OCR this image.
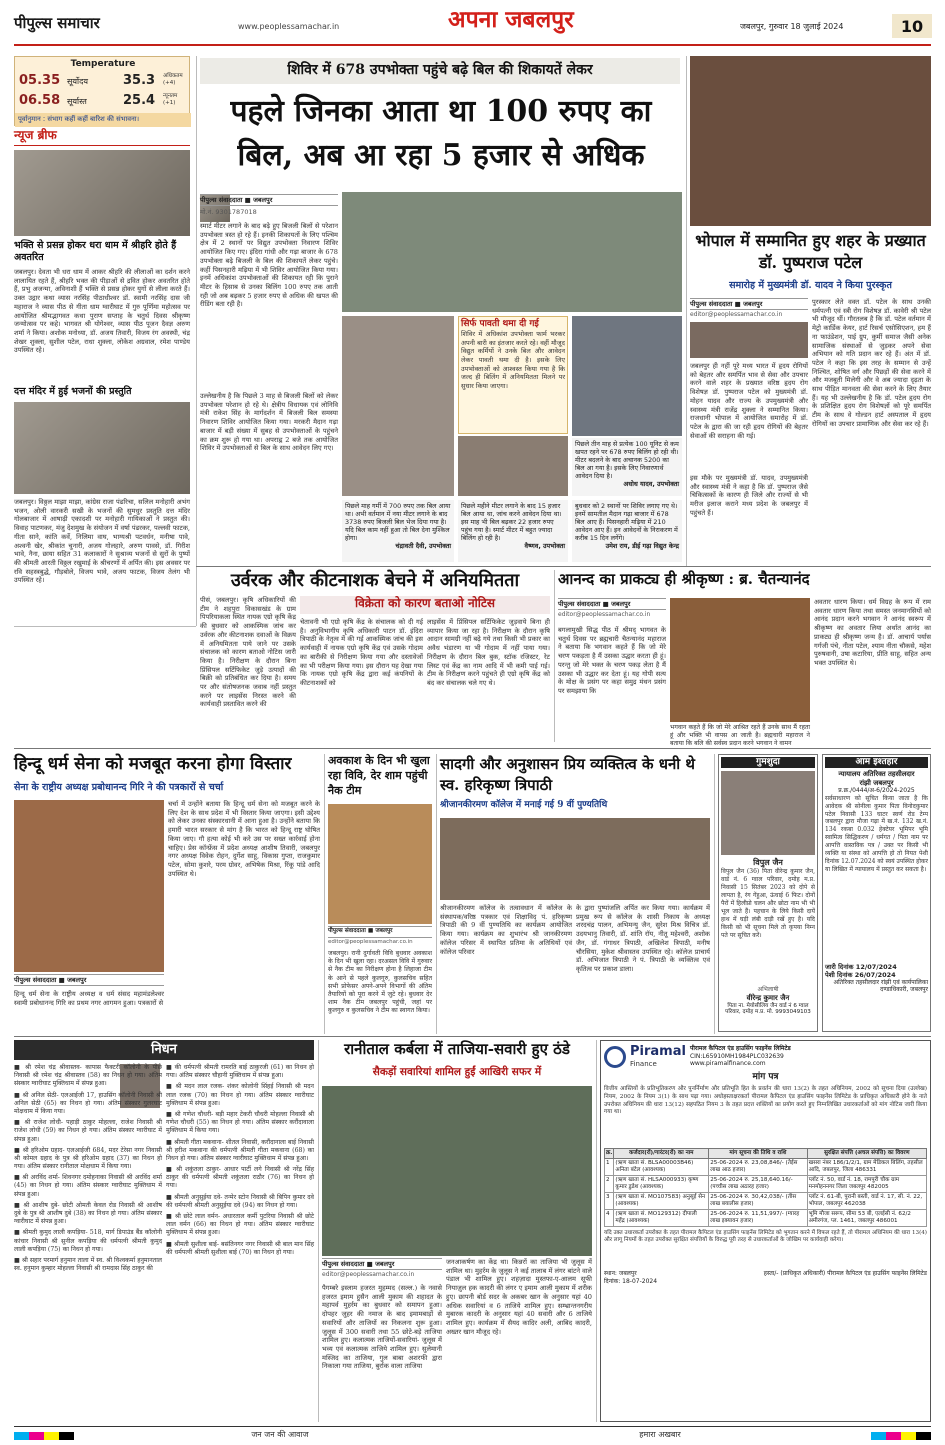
पीपुल्स समाचार	www.peoplessamachar.in	अपना जबलपुर	जबलपुर, गुरुवार 18 जुलाई 2024	10
Temperature
05.35 सूर्योदय	35.3 अधिकतम (+4)
06.58 सूर्यास्त	25.4 न्यूनतम (+1)
पूर्वानुमान : संभाग कहीं कहीं बारिश की संभावना।
न्यूज ब्रीफ
भक्ति से प्रसन्न होकर धरा धाम में श्रीहरि होते हैं अवतरित
जबलपुर। देवता भी धरा धाम में आकर श्रीहरि की लीलाओं का दर्शन करने लालायित रहते हैं, श्रीहरि भक्त की पीड़ाओं से द्रवित होकर अवतरित होते हैं, प्रभु अजन्मा, अविनाशी हैं भक्ति से प्रसन्न होकर युगों से लीला करते हैं। उक्त उद्गार कथा व्यास नरसिंह पीठाधीश्वर डॉ. स्वामी नरसिंह दास जी महाराज ने व्यास पीठ से गीता धाम ग्वारीघाट में गुरु पूर्णिमा महोत्सव पर आयोजित श्रीमद्भागवत कथा पुराण सप्ताह के चतुर्थ दिवस श्रीकृष्ण जन्मोत्सव पर कहे। भागवत श्री योगेश्वर, व्यास पीठ पूजन दैवज्ञ अरुण शर्मा ने किया। अशोक मनोध्या, डॉ. अजय तिवारी, विजय रंग अवस्थी, चंद्र शेखर शुक्ला, सुशील पटेल, राधा शुक्ला, लोकेश अग्रवाल, रमेश पाण्डेय उपस्थित रहे।
दत्त मंदिर में हुई भजनों की प्रस्तुति
जबलपुर। विठ्ठल माझा माझा, कांग्रेस राजा पंढरिचा, सलिल मनोहारी अभंग भजन, ओली वारकरी सखी के भजनों की सुमधुर प्रस्तुति दत्त मंदिर गोलबाजार में आषाढ़ी एकादशी पर मनोहारी गायिकाओं ने प्रस्तुत की। विवाह पाटणकर, मंजु देशमुख के संयोजन में वर्षा पंढरकर, पल्लवी फाटक, गीता साने, कांति कर्वे, निलिमा वाघ, भाग्यश्री पटवर्धन, मनीषा पावे, अश्वनी खेर, श्रीकांत चुनारी, अजय गोलहारे, अरुण पावसे, डॉ. गिरीश भावे, नैना, छाया सहित 31 कलाकारों ने सुश्राव्य भजनों से सुरों के पुष्पों की श्रीमती आरती विठ्ठल रखुमाई के श्रीचरणों में अर्पित की। इस अवसर पर रवि सहस्त्रबुद्धे, गौड़बोले, विजय भावे, अजय फाटक, विजय तेलंग भी उपस्थित रहे।
शिविर में 678 उपभोक्ता पहुंचे बढ़े बिल की शिकायतें लेकर
पहले जिनका आता था 100 रुपए का बिल, अब आ रहा 5 हजार से अधिक
पीपुल्स संवाददाता ■ जबलपुर
मो.नं. 9301787018
स्मार्ट मीटर लगाने के बाद बढ़े हुए बिजली बिलों से परेशान उपभोक्ता त्रस्त हो रहे हैं। इनकी शिकायतों के लिए पश्चिम क्षेत्र में 2 स्थानों पर विद्युत उपभोक्ता निवारण शिविर आयोजित किए गए। इंदिरा गांधी और गढ़ा बाजार के 678 उपभोक्ता बढ़े बिजली के बिल की शिकायतें लेकर पहुंचे। कहीं पिसनहारी मढ़िया में भी शिविर आयोजित किया गया। इनमें अधिकांश उपभोक्ताओं की शिकायत रही कि पुराने मीटर के हिसाब से उनका बिलिंग 100 रुपए तक आती रही जो अब बढ़कर 5 हजार रुपए से अधिक की खपत की रीडिंग बता रही है।
उल्लेखनीय है कि पिछले 3 माह से बिजली बिलों को लेकर उपभोक्ता परेशान हो रहे थे। क्षेत्रीय विधायक एवं लोनिवि मंत्री राकेश सिंह के मार्गदर्शन में बिजली बिल समस्या निवारण शिविर आयोजित किया गया। मरकरी मैदान गढ़ा बाजार में बड़ी संख्या में सुबह से उपभोक्ताओं के पहुंचने का क्रम शुरू हो गया था। अपराह्न 2 बजे तक आयोजित शिविर में उपभोक्ताओं से बिल के साथ आवेदन लिए गए।
सिर्फ पावती थमा दी गई
शिविर में अधिकांश उपभोक्ता फार्म भरकर अपनी बारी का इंतजार करते रहे। वहीं मौजूद विद्युत कर्मियों ने उनके बिल और आवेदन लेकर पावती थमा दी है। इसके लिए उपभोक्ताओं को आश्वस्त किया गया है कि जल्द ही बिलिंग में अनियमितता मिलने पर सुधार किया जाएगा।
पिछले तीन माह से प्रत्येक 100 यूनिट से कम खपत रहने पर 678 रुपए बिलिंग हो रही थी। मीटर बदलने के बाद अचानक 5200 का बिल आ गया है। इसके लिए निवारणार्थ आवेदन दिया है।
अधोध यादव, उपभोक्ता
पिछले माह गर्मी में 700 रुपए तक बिल आया था। अभी वर्तमान में नया मीटर लगाने के बाद 3738 रुपए बिजली बिल भेज दिया गया है। यदि बिल काम नहीं हुआ तो बिल देना मुश्किल होगा।
चंद्रावती दैवी, उपभोक्ता
पिछले महीने मीटर लगाने के बाद 15 हजार बिल आया था, जांच करने आवेदन दिया था। इस माह भी बिल बढ़कर 22 हजार रुपए पहुंच गया है। स्मार्ट मीटर में बहुत ज्यादा बिलिंग हो रही है।
वैष्णव, उपभोक्ता
बुधवार को 2 स्थानों पर शिविर लगाए गए थे। इनमें सामतील मैदान गढ़ा बाजार में 678 बिल आए हैं। पिसनहारी मढ़िया में 210 आवेदन आए हैं। इन आवेदनों के निराकरण में करीब 15 दिन लगेंगे।
उमेश राय, डीई गढ़ा विद्युत केन्द्र
भोपाल में सम्मानित हुए शहर के प्रख्यात डॉ. पुष्पराज पटेल
समारोह में मुख्यमंत्री डॉ. यादव ने किया पुरस्कृत
पीपुल्स संवाददाता ■ जबलपुर
editor@peoplessamachar.co.in
जबलपुर ही नहीं पूरे मध्य भारत में हृदय रोगियों को बेहतर और समर्पित भाव से सेवा और उपचार करने वाले शहर के प्रख्यात वरिष्ठ हृदय रोग विशेषज्ञ डॉ. पुष्पराज पटेल को मुख्यमंत्री डॉ. मोहन यादव और राज्य के उपमुख्यमंत्री और स्वास्थ्य मंत्री राजेंद्र शुक्ला ने सम्मानित किया। राजधानी भोपाल में आयोजित समारोह में डॉ. पटेल के द्वारा की जा रही हृदय रोगियों की बेहतर सेवाओं की सराहना की गई।
इस मौके पर मुख्यमंत्री डॉ. यादव, उपमुख्यमंत्री और स्वास्थ्य मंत्री ने कहा है कि डॉ. पुष्पराज जैसे चिकित्सकों के कारण ही जिले और राज्यों से भी मरीज इलाज कराने मध्य प्रदेश के जबलपुर में पहुंचते हैं।
पुरस्कार लेते वक्त डॉ. पटेल के साथ उनकी धर्मपत्नी एवं स्त्री रोग विशेषज्ञ डॉ. कावेरी श्री पटेल भी मौजूद थीं। गौरतलब है कि डॉ. पटेल वर्तमान में मेट्रो कार्डिक केयर, हार्ट रिसर्च एसोसिएशन, हम हैं ना फाउंडेशन, पाई ग्रुप, कुर्मी समाज जैसी अनेक सामाजिक संस्थाओं से जुड़कर अपने सेवा अभियान को गति प्रदान कर रहे हैं। अंत में डॉ. पटेल ने कहा कि इस तरह के सम्मान से उन्हें निश्चित, शोषित वर्ग और पिछड़ों की सेवा करने में और मजबूती मिलेगी और वे अब ज्यादा दृढ़ता के साथ पीड़ित मानवता की सेवा करने के लिए तैयार हैं। यह भी उल्लेखनीय है कि डॉ. पटेल हृदय रोग के प्रशिक्षित हृदय रोग विशेषज्ञों को पूरे समर्पित टीम के साथ वे गोल्डन हार्ट अस्पताल में हृदय रोगियों का उपचार प्रामाणिक और सेवा कर रहे हैं।
उर्वरक और कीटनाशक बेचने में अनियमितता
विक्रेता को कारण बताओ नोटिस
पीसं, जबलपुर। कृषि अधिकारियों की टीम ने शहपुरा विकासखंड के ग्राम पिपरियाकला स्थित नायक एग्रो कृषि केंद्र की बुधवार को आकस्मिक जांच कर उर्वरक और कीटनाशक दवाओं के विक्रय में अनियमितता पाये जाने पर उसके संचालक को कारण बताओ नोटिस जारी किया है। निरीक्षण के दौरान बिना प्रिंसिपल सर्टिफिकेट जुड़े उत्पादों की बिक्री को प्रतिबंधित कर दिया है। समय पर और संतोषजनक जवाब नहीं प्रस्तुत करने पर लाइसेंस निरस्त करने की कार्यवाही प्रस्तावित करने की
चेतावनी भी एग्रो कृषि केंद्र के संचालक को दी गई है। अनुविभागीय कृषि अधिकारी पाटन डॉ. इंदिरा त्रिपाठी के नेतृत्व में की गई आकस्मिक जांच की इस कार्यवाही में नायक एग्रो कृषि केंद्र एवं उसके गोदाम का बारीकी से निरीक्षण किया गया और दस्तावेजों का भी परीक्षण किया गया। इस दौरान यह देखा गया कि नायक एग्रो कृषि केंद्र द्वारा कई कंपनियों के कीटनाशकों को
लाइसेंस में प्रिंसिपल सर्टिफिकेट जुड़वाये बिना ही व्यापार किया जा रहा है। निरीक्षण के दौरान कृषि आदान सामग्री नहीं बढ़े गये तथा किसी भी प्रकार का अवैध भंडारण या भी गोदाम में नहीं पाया गया। निरीक्षण के दौरान बिल बुक, स्टॉक रजिस्टर, रेट लिस्ट एवं केंद्र का नाम आदि में भी कमी पाई गई। टीम के निरीक्षण करने पहुंचते ही एग्रो कृषि केंद्र को बंद कर संचालक चले गए थे।
आनन्द का प्राकट्य ही श्रीकृष्ण : ब्र. चैतन्यानंद
पीपुल्स संवाददाता ■ जबलपुर
editor@peoplessamachar.co.in
बगलामुखी सिद्ध पीठ में श्रीमद् भागवत के चतुर्थ दिवस पर ब्रह्मचारी चैतन्यानंद महाराज ने बताया कि भगवान कहते हैं कि जो मेरे चरण पकड़ता है मैं उसका उद्धार करता ही हूं। परन्तु जो मेरे भक्त के चरण पकड़ लेता है मैं उसका भी उद्धार कर देता हूं। यह गोपी सत्य के मोक्ष के प्रसंग पर कहा समुद्र मंथन प्रसंग पर समझाया कि
भगवान कहते हैं कि जो मेरे आश्रित रहते हैं उनके साथ मैं रहता हूं और भक्ति भी वापस आ जाती है। ब्रह्मचारी महाराज ने बताया कि बलि की सर्वस्व प्रदान करने भगवान ने वामन
अवतार धारण किया। धर्म विग्रह के रूप में राम अवतार धारण किया तथा समस्त जनमानसियों को आनंद प्रदान करने भगवान ने आनंद स्वरूप में श्रीकृष्ण का अवतार लिया अर्थात आनंद का प्राकट्य ही श्रीकृष्ण जन्म है। डॉ. आचार्य पर्यास गर्गजी पंचे, नीता पटेल, श्याम नीता चौकसे, महेश पुरुषवानी, उषा कटारिया, प्रीति साहू, सहित अन्य भक्त उपस्थित थे।
हिन्दू धर्म सेना को मजबूत करना होगा विस्तार
सेना के राष्ट्रीय अध्यक्ष प्रबोधानन्द गिरि ने की पत्रकारों से चर्चा
पीपुल्स संवाददाता ■ जबलपुर
हिन्दू धर्म सेना के राष्ट्रीय अध्यक्ष व धर्म संसद महामंडलेश्वर स्वामी प्रबोधानन्द गिरि का प्रथम नगर आगमन हुआ। पत्रकारों से
चर्चा में उन्होंने बताया कि हिन्दू धर्म सेना को मजबूत करने के लिए देश के साथ प्रदेश में भी विस्तार किया जाएगा। इसी उद्देश्य को लेकर उनका संस्कारधानी में आना हुआ है। उन्होंने बताया कि हमारी भारत सरकार से मांग है कि भारत को हिन्दू राष्ट्र घोषित किया जाए। गौ हत्या कोई भी करे उस पर सख्त कार्रवाई होना चाहिए। प्रेस कॉन्फ्रेंस में प्रदेश अध्यक्ष आशीष तिवारी, जबलपुर नगर अध्यक्ष विवेक रोहन, दुर्गेश साहू, विकास गुप्ता, राजकुमार पटेल, सोमा कुशरे, परम ग्रोवर, अभिषेक मिश्रा, रिंकू पांडे आदि उपस्थित थे।
अवकाश के दिन भी खुला रहा विवि, देर शाम पहुंची नैक टीम
पीपुल्स संवाददाता ■ जबलपुर
editor@peoplessamachar.co.in
जबलपुर। रानी दुर्गावती विवि बुधवार अवकाश के दिन भी खुला रहा। दरअसल विवि में गुरुवार से नैक टीम का निरीक्षण होना है लिहाजा टीम के आने से पहले कुलगुरु, कुलसचिव सहित सभी प्रोफेसर अपने-अपने विभागों की अंतिम तैयारियों को पूरा करने में जुटे रहे। बुधवार देर शाम नैक टीम जबलपुर पहुंची, जहां पर कुलगुरु व कुलसचिव ने टीम का स्वागत किया।
सादगी और अनुशासन प्रिय व्यक्तित्व के धनी थे स्व. हरिकृष्ण त्रिपाठी
श्रीजानकीरमण कॉलेज में मनाई गई 9 वीं पुण्यतिथि
श्रीजानकीरमण कॉलेज के तत्वावधान में कॉलेज के संस्थापक/वरिष्ठ पत्रकार एवं शिक्षाविद् पं. हरिकृष्ण त्रिपाठी की 9 वीं पुण्यतिथि का कार्यक्रम आयोजित किया गया। कार्यक्रम का शुभारंभ श्री जानकीरमण कॉलेज परिसर में स्थापित प्रतिमा के अतिथियों एवं कॉलेज परिवार
के द्वारा पुष्पांजलि अर्पित कर किया गया। कार्यक्रम में प्रमुख रूप से कॉलेज के शासी निकाय के अध्यक्ष शरदचंद्र पालन, अभिमन्यु जैन, सुरेश मिश्र विचित्र डॉ. उदयभानु तिवारी, डॉ. शांति रॉय, नीतू महेश्वरी, अशोक जैन, डॉ. गंगाधर त्रिपाठी, अखिलेश त्रिपाठी, मनीष चौरसिया, मुकेश श्रीवास्तव उपस्थित रहे। कॉलेज प्राचार्य डॉ. अभिजात त्रिपाठी ने पं. त्रिपाठी के व्यक्तित्व एवं कृतित्व पर प्रकाश डाला।
गुमशुदा
विपुल जैन
विपुल जैन (36) पिता वीरेन्द्र कुमार जैन, वार्ड नं. 6 ग्वाल परिवार, दमोह म.प्र. निवासी 15 सितंबर 2023 को दोपे से लापता है, रंग गेंहुआ, ऊंचाई 6 फिट। दोनों पैरों में हिलीप्रो चलन और छोटा नाम भी भी भूल जाते हैं। पहचान के लिये किसी दायें हाथ में घड़ी लंबी दाड़ी रखें हुए है। यदि किसी को भी सूचना मिले तो कृपया निम्न पते पर सूचित करें।
अभिलाषी
वीरेन्द्र कुमार जैन
पिता ना. मेयोसीलिय जैन वार्ड नं 6 ग्वाल परिवार, दमोह म.प्र. मो. 9993049103
आम इश्तहार
न्यायालय अतिरिक्त तहसीलदार
रांझी जबलपुर
प्र.क्र./0444/अ-6/2024-2025
सर्वसाधारण को सूचित किया जाता है कि आवेदक श्री सोनीला कुमार पिता विनोदकुमार पटेल निवासी 133 घाटर स्वर्ण रोड टेम्प जबलपुर द्वारा मौजा गढ़ा में ख.नं. 132 ख.नं. 134 रकबा 0.032 हेक्टेयर भूमिपर भूमि स्वामित्व सिद्धिकरण / धर्मगत / पिता नाम पर आपत्ति वास्तविक पत्र / उक्त पर किसी भी व्यक्ति या संस्था को आपत्ति हो तो नियत पेशी दिनांक 12.07.2024 को स्वयं उपस्थित होकर या लिखित में न्यायालय में प्रस्तुत कर सकता है।
जारी दिनांक 12/07/2024
पेशी दिनांक 26/07/2024
अतिरिक्त तहसीलदार रांझी एवं कार्यपालिका दण्डाधिकारी, जबलपुर
निधन
■ श्री रमेश चंद्र श्रीवास्तव- कापास फैक्टरी कॉलोनी के पीछे निवासी श्री रमेश चंद्र श्रीवास्तव (58) का निधन हो गया। अंतिम संस्कार ग्वारीघाट मुक्तिधाम में संपन्न हुआ।
■ श्री अनिल सेठी- एलआईजी 17, हाउसिंग कॉलोनी निवासी श्री अनिल सेठी (65) का निधन हो गया। अंतिम संस्कार गुलरघाट मोक्षधाम में किया गया।
■ श्री राजेश लोधी- पहाड़ी ठाकुर मोहल्ला, राजेश निवासी श्री राजेश लोधी (59) का निधन हो गया। अंतिम संस्कार ग्वारीघाट में संपन्न हुआ।
■ श्री हरिओम ग्रहाद- एलआईजी 684, मदर टेरेसा नगर निवासी श्री कोमल ग्रहाद के पुत्र श्री हरिओम ग्रहाद (37) का निधन हो गया। अंतिम संस्कार रानीताल मोक्षधाम में किया गया।
■ श्री अरविंद शर्मा- शिवनगर दमोहनाका निवासी श्री अरविंद शर्मा (45) का निधन हो गया। अंतिम संस्कार ग्वारीघाट मुक्तिधाम में संपन्न हुआ।
■ श्री आशीष दुबे- छोटी ओमती केवल रोड निवासी श्री आशीष दुबे के पुत्र श्री आशीष दुबे (38) का निधन हो गया। अंतिम संस्कार ग्वारीघाट में संपन्न हुआ।
■ श्रीमती कुमुद लाली कपड़िया- 518, मार्ग डिपाउंड बैंड कॉलोनी कांचार निवासी श्री सुनील कपड़िया की धर्मपत्नी श्रीमती कुमुद लाली कपड़िया (75) का निधन हो गया।
■ श्री सहार परमार्ग हनुमान ताला में स्व. श्री विश्वकर्मा हनुमानताल स्व. हनुमान कुम्हार मोहल्ला निवासी श्री रामदास सिंह ठाकुर की
■ की धर्मपत्नी श्रीमती रामरति बाई ठाकुरजी (61) का निधन हो गया। अंतिम संस्कार चौहानी मुक्तिधाम में संपन्न हुआ।
■ श्री मदन लाल रजक- शंकर कोलोनी सिंहई निवासी श्री मदन लाल रजक (70) का निधन हो गया। अंतिम संस्कार ग्वारीघाट मुक्तिधाम में संपन्न हुआ।
■ श्री गणेश चौधरी- बड़ी महार टेकरी चौधरी मोहल्ला निवासी श्री गणेश चौधरी (55) का निधन हो गया। अंतिम संस्कार करौंदावाला मुक्तिधाम में किया गया।
■ श्रीमती गीता मकवाना- शीतल निवासी, करौंदानाला बाई निवासी श्री हरीश मकवाना की धर्मपत्नी श्रीमती गीता मकवाना (68) का निधन हो गया। अंतिम संस्कार ग्वारीघाट मुक्तिधाम में संपन्न हुआ।
■ श्री शकुंतला ठाकुर- आधार पार्टी लगे निवासी श्री नरेंद्र सिंह ठाकुर की धर्मपत्नी श्रीमती शकुंतला राठौर (76) का निधन हो गया।
■ श्रीमती अनुसुईया दवे- तन्मेर स्टोन निवासी श्री बिपिन कुमार दवे की धर्मपत्नी श्रीमती अनुसुईया दवे (94) का निधन हो गया।
■ श्री छोटे लाल वर्मन- अधारताल कर्मी पुटरिया निवासी श्री छोटे लाल वर्मन (66) का निधन हो गया। अंतिम संस्कार ग्वारीघाट मुक्तिधाम में संपन्न हुआ।
■ श्रीमती सुशीला बाई- बसंतिनगर नगर निवासी श्री बाल मान सिंह की धर्मपत्नी श्रीमती सुशीला बाई (70) का निधन हो गया।
रानीताल कर्बला में ताजिया-सवारी हुए ठंडे
सैकड़ों सवारियां शामिल हुईं आखिरी सफर में
पीपुल्स संवाददाता ■ जबलपुर
editor@peoplessamachar.co.in
पैगम्बरे इस्लाम हजरत मुहम्मद (सल्ल.) के नवासे हजरत इमाम हुसैन आली मुकाम की शहादत के महापर्व मुहर्रम का बुधवार को समापन हुआ। दोपहर जुहर की नमाज के बाद इमामबाड़ों से सवारियों और ताजियों का निकलना शुरू हुआ। जुलूस में 300 सवारी तथा 55 छोटे-बड़े ताजिया शामिल हुए। कलात्मक ताजियों-सवारियां- जुलूस में भव्य एवं कलात्मक ताजिये शामिल हुए। सुलेमानी मस्जिद का ताजिया, गुल बाबा अशरफी द्वारा निकाला गया ताजिया, बुर्राक वाला ताजिया
जनआकर्षण का केंद्र था। किन्नरों का ताजिया भी जुलूस में शामिल था। मुहर्रम के जुलूस ने कई तालाब में लंगर बांटने वाले पंडाल भी शामिल हुए। शहज़ादा मुस्तफा-ए-आलम सूफी नियाज़ुल हक कादरी की लंगर ए इमाम आली मुकाम में शरीक हुए। छापनी बोर्ड सदर के अकबर खान के अनुसार यहां 40 अधिक सवारियां व 6 ताजिये शामिल हुए। सम्भ्रान्तनगरीय मुबारक कादरी के अनुसार यहां 40 सवारी और 6 ताजिये शामिल हुए। कार्यक्रम में सैयद कादिर अली, आबिद कादरी, अख्तर खान मौजूद रहे।
Piramal
Finance
पीरामल कैपिटल एंड हाउसिंग फाइनेंस लिमिटेड
CIN:L65910MH1984PLC032639
www.piramalfinance.com
मांग पत्र
वित्तीय आस्तियों के प्रतिभूतिकरण और पुनर्निर्माण और प्रतिभूति हित के प्रवर्तन की धारा 13(2) के तहत अधिनियम, 2002 को सूचना दिया (उल्लेख) नियम, 2002 के नियम 3(1) के साथ पढ़ा गया। अधोहस्ताक्षरकर्ता पीरामल कैपिटल एंड हाउसिंग फाइनेंस लिमिटेड के प्राधिकृत अधिकारी होने के नाते उपरोक्त अधिनियम की धारा 13(12) सहपठित नियम 3 के तहत प्रदत्त शक्तियों का प्रयोग करते हुए निम्नलिखित उधारकर्ताओं को मांग नोटिस जारी किया गया था।
क्र.	कर्जदार(रों)/गारंटर(रों) का नाम	मांग सूचना की तिथि व राशि	सुरक्षित संपत्ति (अचल संपत्ति) का विवरण
1	(ऋण खाता सं. BLSA00003B46) अनिता बंटेल (आवश्यक)	25-06-2024 रु. 23,08,846/- (तेईस लाख आठ हजार)	खसरा नंबर 186/1/2/1, ग्राम मेडिकल बिलिंग, तहसील आदि, जबलपुर, जिला 486331
2	(ऋण खाता सं. HLSA000933) कृष्ण कुमार डुडेश (आवश्यक)	25-06-2024 रु. 25,18,640.16/- (पच्चीस लाख अठारह हजार)	प्लॉट नं. 50, वार्ड नं. 18, रामपुरी चौक ग्राम मनमोहननगर जिला जबलपुर 482005
3	(ऋण खाता सं. MO107583) अनुसूई सेन (आवश्यक)	25-06-2024 रु. 30,42,038/- (तीस लाख बयालीस हजार)	प्लॉट नं. 61-बी, पुरानी बस्ती, वार्ड नं. 17, सी. नं. 22, भोपाल, जबलपुर 462038
4	(ऋण खाता सं. MO129312) दीपाली महेंद्र (आवश्यक)	25-06-2024 रु. 11,51,997/- (ग्यारह लाख इक्यावन हजार)	भूमि मौजा सरूप, सीमा 53 बी, एलईसी नं. 62/2 अमीरगंज, प्ल. 1461, जबलपुर 486001
यदि उक्त उधारकर्ता उपरोक्त के तहत पीरामल कैपिटल एंड हाउसिंग फाइनेंस लिमिटेड को भुगतान करने में विफल रहते हैं, तो पीरामल अधिनियम की धारा 13(4) और लागू नियमों के तहत उपरोक्त सुरक्षित संपत्तियों के विरुद्ध पूरी तरह से उधारकर्ताओं के जोखिम पर कार्यवाही करेगा।
स्थान: जबलपुर
दिनांक: 18-07-2024
हस्ता/- (प्राधिकृत अधिकारी) पीरामल कैपिटल एंड हाउसिंग फाइनेंस लिमिटेड
जन जन की आवाज	हमारा अखबार
